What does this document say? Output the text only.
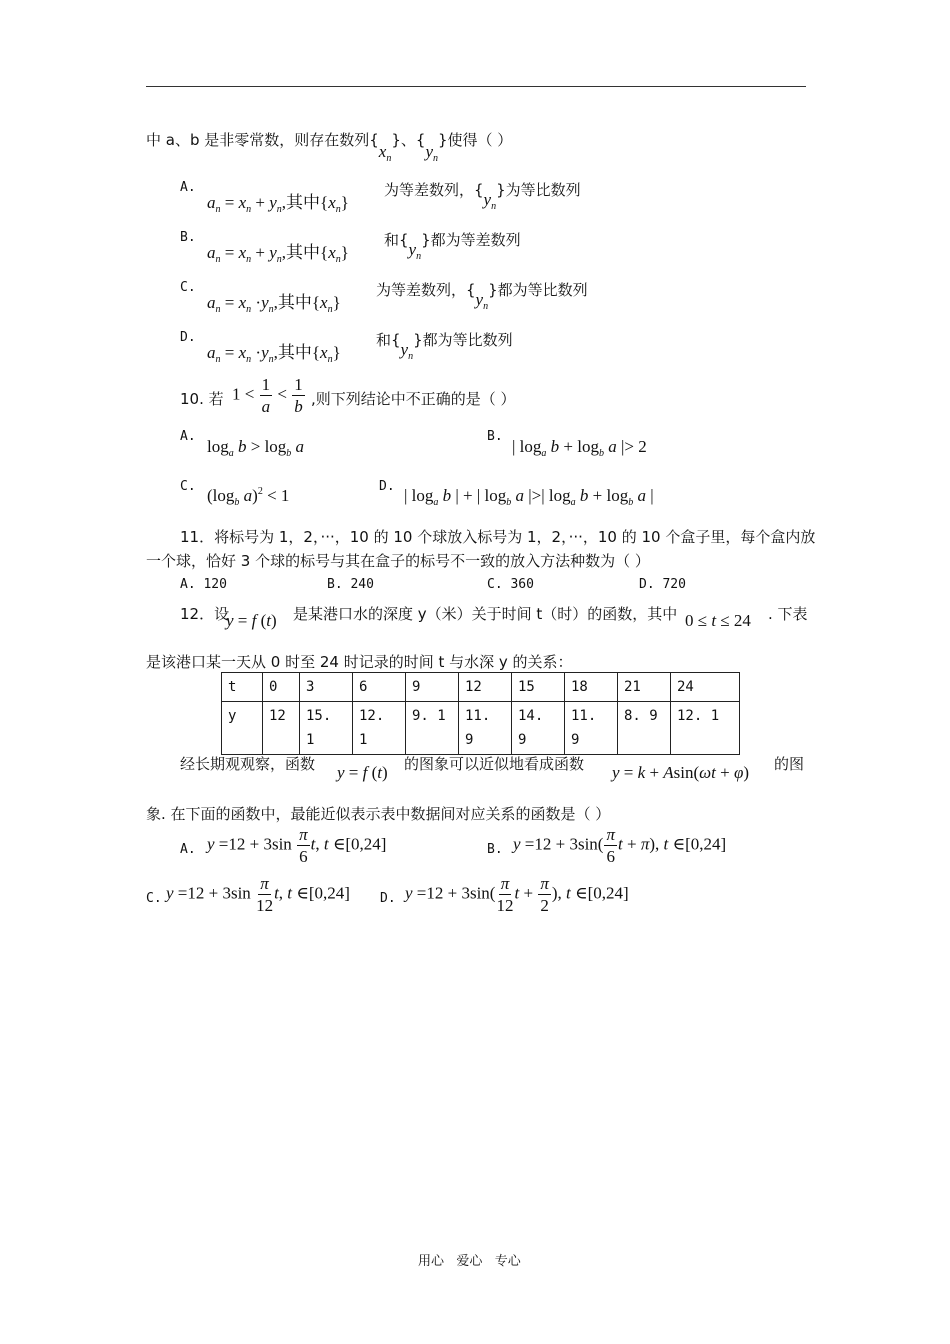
中 a、b 是非零常数，则存在数列$\{x_n\}$、$\{y_n\}$使得（ ）
A.
$a_n = x_n + y_n$,其中$\{x_n\}$
为等差数列，$\{y_n\}$为等比数列
B.
$a_n = x_n + y_n$,其中$\{x_n\}$
和$\{y_n\}$都为等差数列
C.
$a_n = x_n \cdot y_n$,其中$\{x_n\}$
为等差数列，$\{y_n\}$都为等比数列
D.
$a_n = x_n \cdot y_n$,其中$\{x_n\}$
和$\{y_n\}$都为等比数列
10. 若 $1 < \frac{1}{a} < \frac{1}{b}$ ,则下列结论中不正确的是（ ）
A.
$\log_a b > \log_b a$
B.
| $\log_a b + \log_b a$ |> 2
C. ($\log_b$ a)$^2$ < 1	D. | $\log_a b$ | + | $\log_b a$ |>| $\log_a b + \log_b a$ |
11．将标号为 1，2，···，10 的 10 个球放入标号为 1，2，···，10 的 10 个盒子里，每个盒内放
一个球，恰好 3 个球的标号与其在盒子的标号不一致的放入方法种数为（ ）
A. 120	B. 240	C. 360	D. 720
12．设
y = f (t) 是某港口水的深度 y（米）关于时间 t（时）的函数，其中 0 ≤ t ≤ 24 . 下表
是该港口某一天从 0 时至 24 时记录的时间 t 与水深 y 的关系：
t	0	3	6	9	12	15	18	21	24
y	12	15. 1	12. 1	9. 1	11. 9	14. 9	11. 9	8. 9	12. 1
经长期观观察，函数 y = f (t) 的图象可以近似地看成函数 y = k + Asin(ωt + φ) 的图
象. 在下面的函数中，最能近似表示表中数据间对应关系的函数是（ ）
A. $y =12 + 3\sin \frac{\pi}{6} t$, t ∈[0,24]	B. $y =12 + 3\sin( \frac{\pi}{6}$ t + π), t ∈[0,24]
C. $y =12 + 3\sin \frac{\pi}{12} t$, t ∈[0,24] D. $y =12 + 3\sin( \frac{\pi}{12}$ $t + \frac{\pi}{2}$ ), t ∈[0,24]
用心   爱心   专心
